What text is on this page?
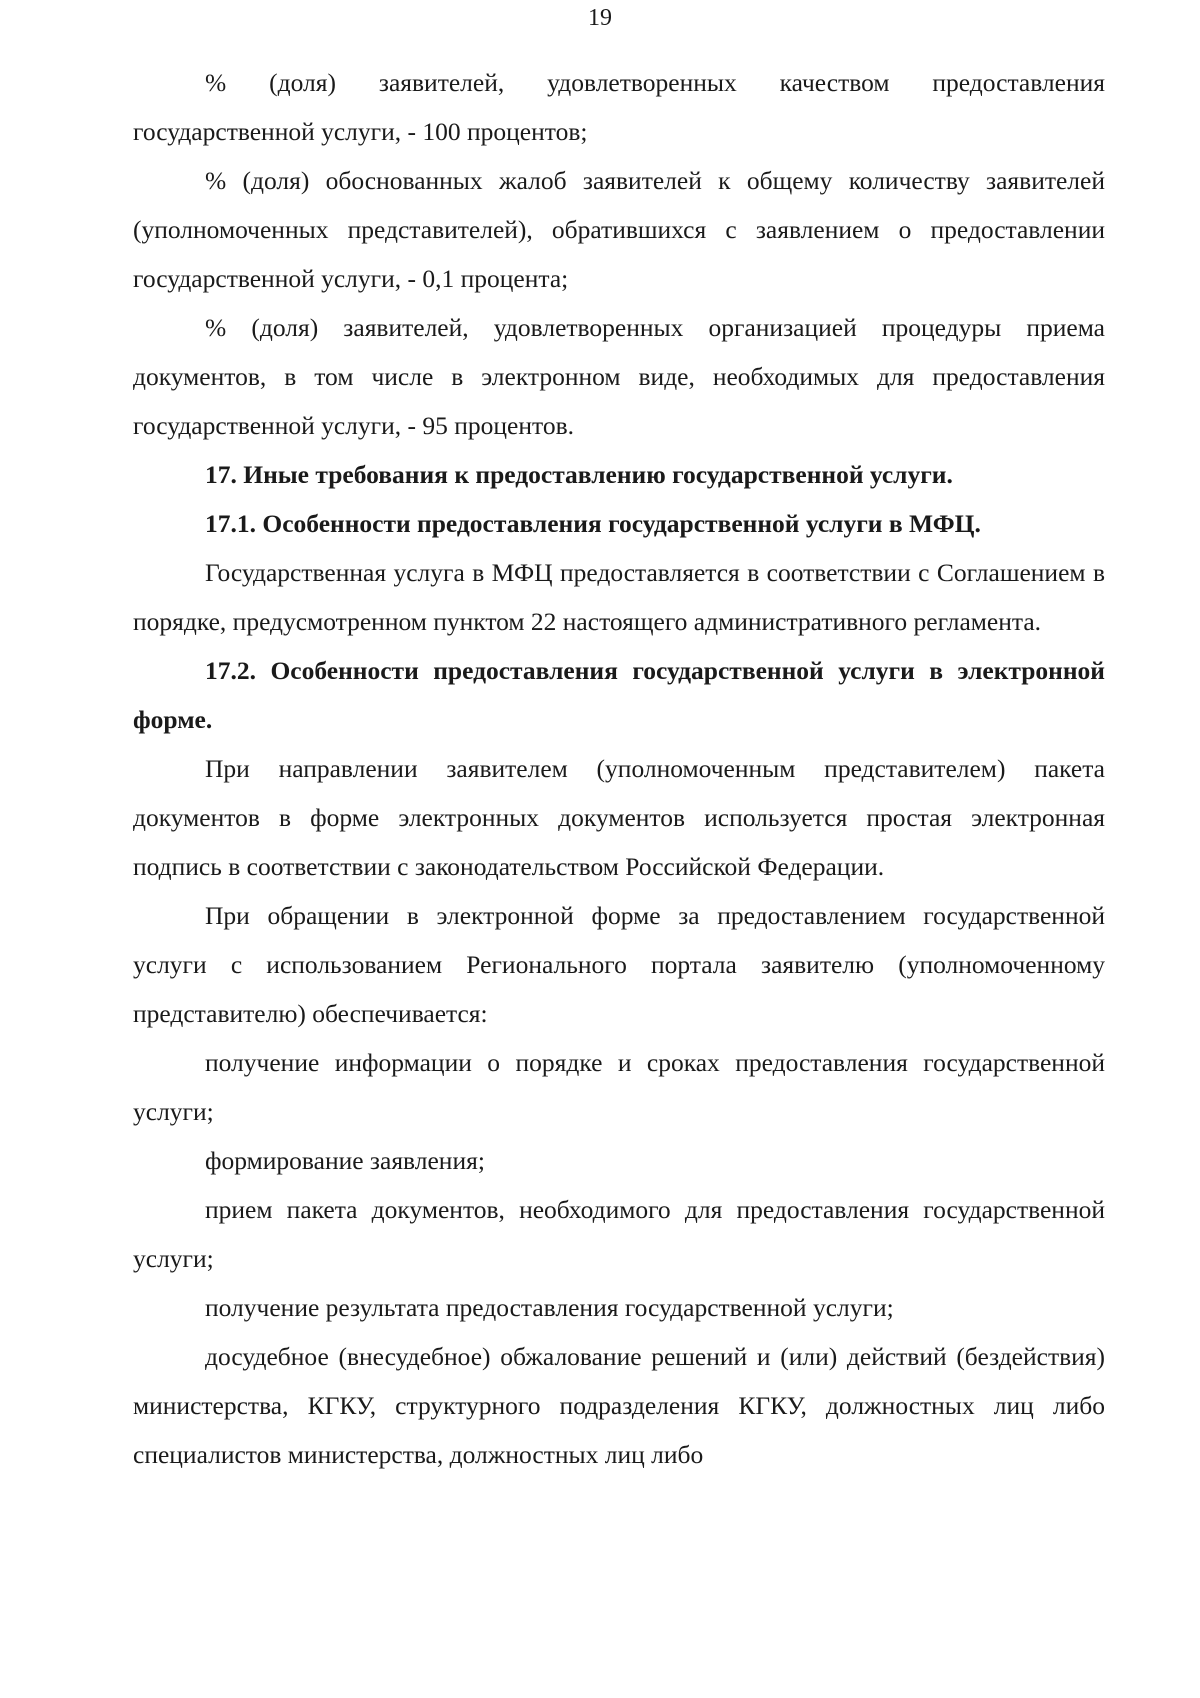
19

% (доля) заявителей, удовлетворенных качеством предоставления государственной услуги, - 100 процентов;

% (доля) обоснованных жалоб заявителей к общему количеству заявителей (уполномоченных представителей), обратившихся с заявлением о предоставлении государственной услуги, - 0,1 процента;

% (доля) заявителей, удовлетворенных организацией процедуры приема документов, в том числе в электронном виде, необходимых для предоставления государственной услуги, - 95 процентов.

17. Иные требования к предоставлению государственной услуги.

17.1. Особенности предоставления государственной услуги в МФЦ.

Государственная услуга в МФЦ предоставляется в соответствии с Соглашением в порядке, предусмотренном пунктом 22 настоящего административного регламента.

17.2. Особенности предоставления государственной услуги в электронной форме.

При направлении заявителем (уполномоченным представителем) пакета документов в форме электронных документов используется простая электронная подпись в соответствии с законодательством Российской Федерации.

При обращении в электронной форме за предоставлением государственной услуги с использованием Регионального портала заявителю (уполномоченному представителю) обеспечивается:

получение информации о порядке и сроках предоставления государственной услуги;

формирование заявления;

прием пакета документов, необходимого для предоставления государственной услуги;

получение результата предоставления государственной услуги;

досудебное (внесудебное) обжалование решений и (или) действий (бездействия) министерства, КГКУ, структурного подразделения КГКУ, должностных лиц либо специалистов министерства, должностных лиц либо
